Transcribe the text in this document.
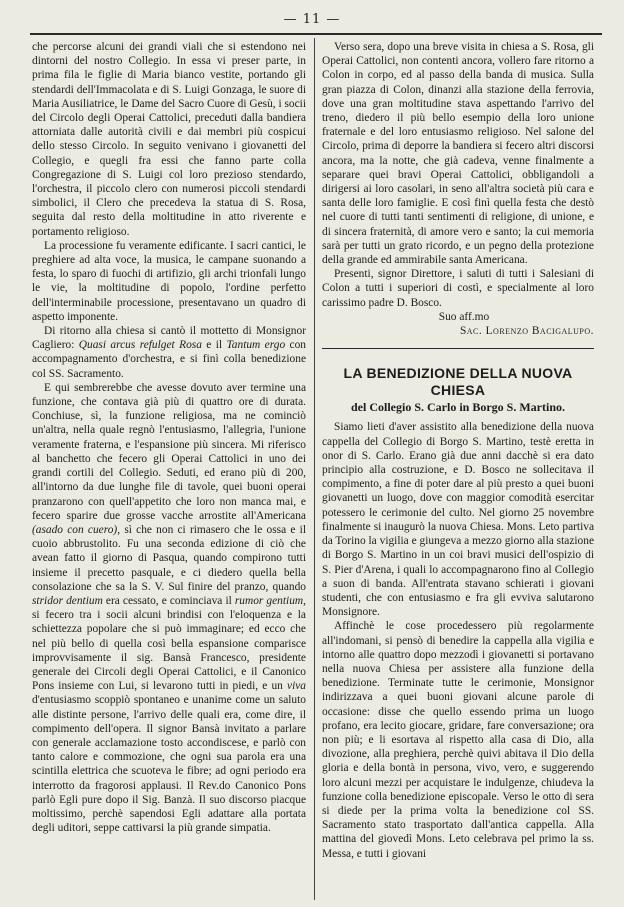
— 11 —

che percorse alcuni dei grandi viali che si estendono nei dintorni del nostro Collegio. In essa vi preser parte, in prima fila le figlie di Maria bianco vestite, portando gli stendardi dell'Immacolata e di S. Luigi Gonzaga, le suore di Maria Ausiliatrice, le Dame del Sacro Cuore di Gesù, i socii del Circolo degli Operai Cattolici, preceduti dalla bandiera attorniata dalle autorità civili e dai membri più cospicui dello stesso Circolo. In seguito venivano i giovanetti del Collegio, e quegli fra essi che fanno parte colla Congregazione di S. Luigi col loro prezioso stendardo, l'orchestra, il piccolo clero con numerosi piccoli stendardi simbolici, il Clero che precedeva la statua di S. Rosa, seguita dal resto della moltitudine in atto riverente e portamento religioso.

La processione fu veramente edificante. I sacri cantici, le preghiere ad alta voce, la musica, le campane suonando a festa, lo sparo di fuochi di artifizio, gli archi trionfali lungo le vie, la moltitudine di popolo, l'ordine perfetto dell'interminabile processione, presentavano un quadro di aspetto imponente.

Di ritorno alla chiesa si cantò il mottetto di Monsignor Cagliero: Quasi arcus refulget Rosa e il Tantum ergo con accompagnamento d'orchestra, e si finì colla benedizione col SS. Sacramento.

E qui sembrerebbe che avesse dovuto aver termine una funzione, che contava già più di quattro ore di durata. Conchiuse, sì, la funzione religiosa, ma ne cominciò un'altra, nella quale regnò l'entusiasmo, l'allegria, l'unione veramente fraterna, e l'espansione più sincera. Mi riferisco al banchetto che fecero gli Operai Cattolici in uno dei grandi cortili del Collegio. Seduti, ed erano più di 200, all'intorno da due lunghe file di tavole, quei buoni operai pranzarono con quell'appetito che loro non manca mai, e fecero sparire due grosse vacche arrostite all'Americana (asado con cuero), sì che non ci rimasero che le ossa e il cuoio abbrustolito. Fu una seconda edizione di ciò che avean fatto il giorno di Pasqua, quando compirono tutti insieme il precetto pasquale, e ci diedero quella bella consolazione che sa la S. V. Sul finire del pranzo, quando stridor dentium era cessato, e cominciava il rumor gentium, si fecero tra i socii alcuni brindisi con l'eloquenza e la schiettezza popolare che si può immaginare; ed ecco che nel più bello di quella così bella espansione comparisce improvvisamente il sig. Bansà Francesco, presidente generale dei Circoli degli Operai Cattolici, e il Canonico Pons insieme con Lui, si levarono tutti in piedi, e un viva d'entusiasmo scoppiò spontaneo e unanime come un saluto alle distinte persone, l'arrivo delle quali era, come dire, il compimento dell'opera. Il signor Bansà invitato a parlare con generale acclamazione tosto accondiscese, e parlò con tanto calore e commozione, che ogni sua parola era una scintilla elettrica che scuoteva le fibre; ad ogni periodo era interrotto da fragorosi applausi. Il Rev.do Canonico Pons parlò Egli pure dopo il Sig. Banzà. Il suo discorso piacque moltissimo, perchè sapendosi Egli adattare alla portata degli uditori, seppe cattivarsi la più grande simpatia.

Verso sera, dopo una breve visita in chiesa a S. Rosa, gli Operai Cattolici, non contenti ancora, vollero fare ritorno a Colon in corpo, ed al passo della banda di musica. Sulla gran piazza di Colon, dinanzi alla stazione della ferrovia, dove una gran moltitudine stava aspettando l'arrivo del treno, diedero il più bello esempio della loro unione fraternale e del loro entusiasmo religioso. Nel salone del Circolo, prima di deporre la bandiera si fecero altri discorsi ancora, ma la notte, che già cadeva, venne finalmente a separare quei bravi Operai Cattolici, obbligandoli a dirigersi ai loro casolari, in seno all'altra società più cara e santa delle loro famiglie. E così finì quella festa che destò nel cuore di tutti tanti sentimenti di religione, di unione, e di sincera fraternità, di amore vero e santo; la cui memoria sarà per tutti un grato ricordo, e un pegno della protezione della grande ed ammirabile santa Americana.

Presenti, signor Direttore, i saluti di tutti i Salesiani di Colon a tutti i superiori di costì, e specialmente al loro carissimo padre D. Bosco.

Suo aff.mo

Sac. Lorenzo Bacigalupo.

LA BENEDIZIONE DELLA NUOVA CHIESA
del Collegio S. Carlo in Borgo S. Martino.

Siamo lieti d'aver assistito alla benedizione della nuova cappella del Collegio di Borgo S. Martino, testè eretta in onor di S. Carlo. Erano già due anni dacchè si era dato principio alla costruzione, e D. Bosco ne sollecitava il compimento, a fine di poter dare al più presto a quei buoni giovanetti un luogo, dove con maggior comodità esercitar potessero le cerimonie del culto. Nel giorno 25 novembre finalmente si inaugurò la nuova Chiesa. Mons. Leto partiva da Torino la vigilia e giungeva a mezzo giorno alla stazione di Borgo S. Martino in un coi bravi musici dell'ospizio di S. Pier d'Arena, i quali lo accompagnarono fino al Collegio a suon di banda. All'entrata stavano schierati i giovani studenti, che con entusiasmo e fra gli evviva salutarono Monsignore.

Affinchè le cose procedessero più regolarmente all'indomani, si pensò di benedire la cappella alla vigilia e intorno alle quattro dopo mezzodì i giovanetti si portavano nella nuova Chiesa per assistere alla funzione della benedizione. Terminate tutte le cerimonie, Monsignor indirizzava a quei buoni giovani alcune parole di occasione: disse che quello essendo prima un luogo profano, era lecito giocare, gridare, fare conversazione; ora non più; e li esortava al rispetto alla casa di Dio, alla divozione, alla preghiera, perchè quivi abitava il Dio della gloria e della bontà in persona, vivo, vero, e suggerendo loro alcuni mezzi per acquistare le indulgenze, chiudeva la funzione colla benedizione episcopale. Verso le otto di sera si diede per la prima volta la benedizione col SS. Sacramento stato trasportato dall'antica cappella. Alla mattina del giovedì Mons. Leto celebrava pel primo la ss. Messa, e tutti i giovani
